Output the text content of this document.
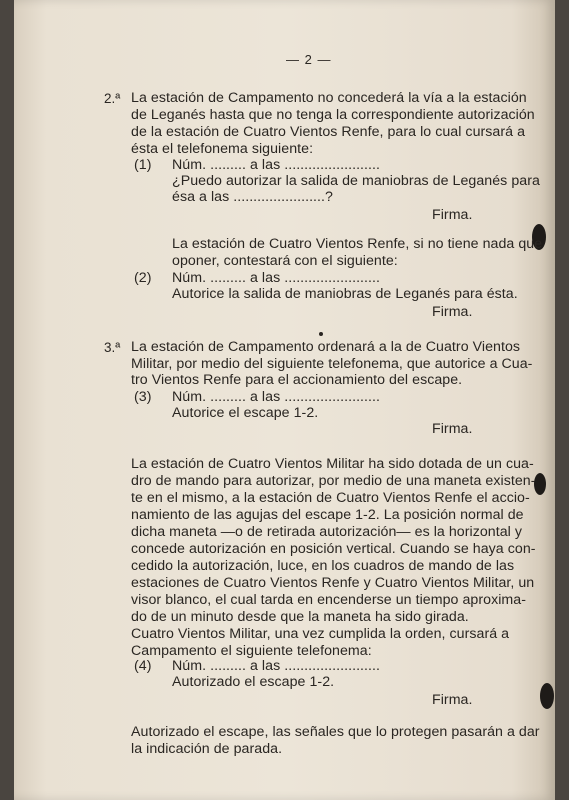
— 2 —
2.ª La estación de Campamento no concederá la vía a la estación
de Leganés hasta que no tenga la correspondiente autorización
de la estación de Cuatro Vientos Renfe, para lo cual cursará a
ésta el telefonema siguiente:
(1) Núm. ......... a las ........................
¿Puedo autorizar la salida de maniobras de Leganés para
ésa a las .......................?
Firma.
La estación de Cuatro Vientos Renfe, si no tiene nada que
oponer, contestará con el siguiente:
(2) Núm. ......... a las ........................
Autorice la salida de maniobras de Leganés para ésta.
Firma.
3.ª La estación de Campamento ordenará a la de Cuatro Vientos
Militar, por medio del siguiente telefonema, que autorice a Cua-
tro Vientos Renfe para el accionamiento del escape.
(3) Núm. ......... a las ........................
Autorice el escape 1-2.
Firma.
La estación de Cuatro Vientos Militar ha sido dotada de un cua-
dro de mando para autorizar, por medio de una maneta existen-
te en el mismo, a la estación de Cuatro Vientos Renfe el accio-
namiento de las agujas del escape 1-2. La posición normal de
dicha maneta —o de retirada autorización— es la horizontal y
concede autorización en posición vertical. Cuando se haya con-
cedido la autorización, luce, en los cuadros de mando de las
estaciones de Cuatro Vientos Renfe y Cuatro Vientos Militar, un
visor blanco, el cual tarda en encenderse un tiempo aproxima-
do de un minuto desde que la maneta ha sido girada.
Cuatro Vientos Militar, una vez cumplida la orden, cursará a
Campamento el siguiente telefonema:
(4) Núm. ......... a las ........................
Autorizado el escape 1-2.
Firma.
Autorizado el escape, las señales que lo protegen pasarán a dar
la indicación de parada.
